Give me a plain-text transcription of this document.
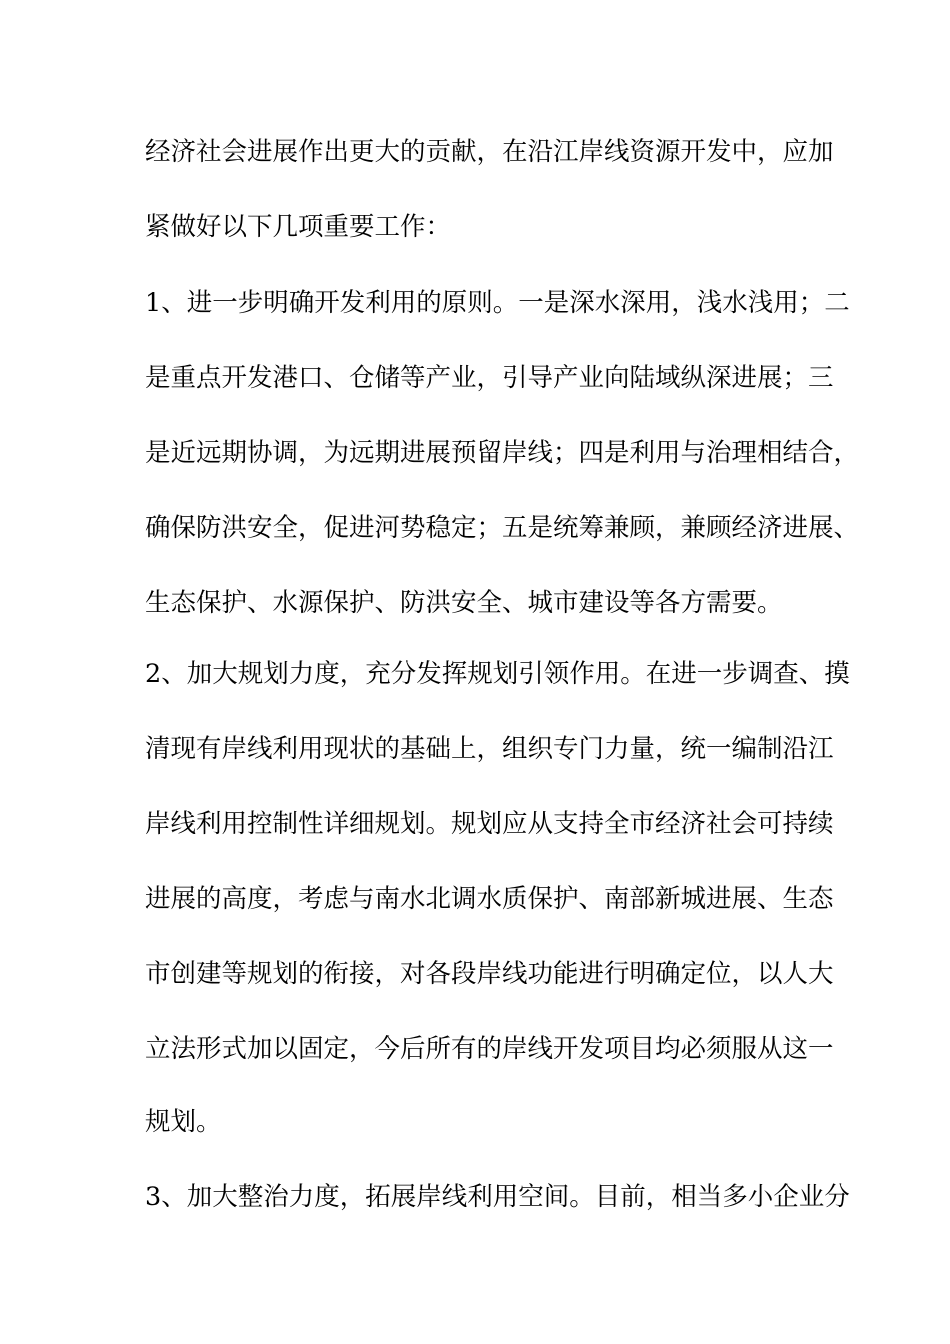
经济社会进展作出更大的贡献，在沿江岸线资源开发中，应加
紧做好以下几项重要工作：
1、进一步明确开发利用的原则。一是深水深用，浅水浅用；二
是重点开发港口、仓储等产业，引导产业向陆域纵深进展；三
是近远期协调，为远期进展预留岸线；四是利用与治理相结合，
确保防洪安全，促进河势稳定；五是统筹兼顾，兼顾经济进展、
生态保护、水源保护、防洪安全、城市建设等各方需要。
2、加大规划力度，充分发挥规划引领作用。在进一步调查、摸
清现有岸线利用现状的基础上，组织专门力量，统一编制沿江
岸线利用控制性详细规划。规划应从支持全市经济社会可持续
进展的高度，考虑与南水北调水质保护、南部新城进展、生态
市创建等规划的衔接，对各段岸线功能进行明确定位，以人大
立法形式加以固定，今后所有的岸线开发项目均必须服从这一
规划。
3、加大整治力度，拓展岸线利用空间。目前，相当多小企业分
